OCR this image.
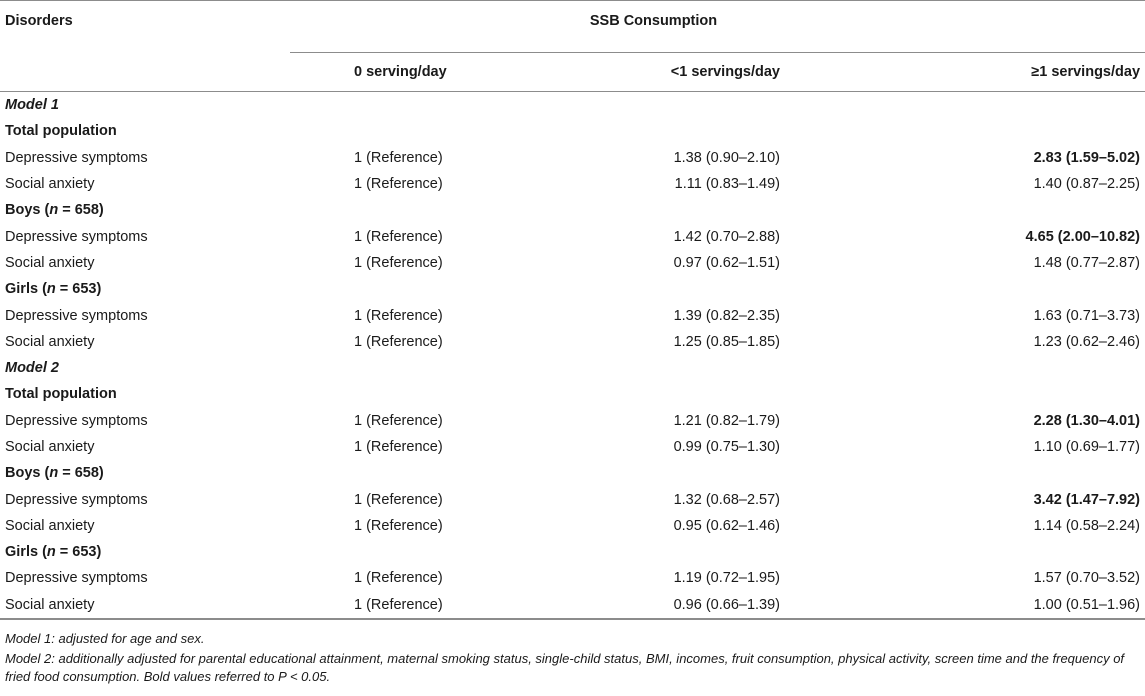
Disorders	SSB Consumption		
	0 serving/day	<1 servings/day	≥1 servings/day
Model 1			
Total population			
Depressive symptoms	1 (Reference)	1.38 (0.90–2.10)	2.83 (1.59–5.02)
Social anxiety	1 (Reference)	1.11 (0.83–1.49)	1.40 (0.87–2.25)
Boys (n = 658)			
Depressive symptoms	1 (Reference)	1.42 (0.70–2.88)	4.65 (2.00–10.82)
Social anxiety	1 (Reference)	0.97 (0.62–1.51)	1.48 (0.77–2.87)
Girls (n = 653)			
Depressive symptoms	1 (Reference)	1.39 (0.82–2.35)	1.63 (0.71–3.73)
Social anxiety	1 (Reference)	1.25 (0.85–1.85)	1.23 (0.62–2.46)
Model 2			
Total population			
Depressive symptoms	1 (Reference)	1.21 (0.82–1.79)	2.28 (1.30–4.01)
Social anxiety	1 (Reference)	0.99 (0.75–1.30)	1.10 (0.69–1.77)
Boys (n = 658)			
Depressive symptoms	1 (Reference)	1.32 (0.68–2.57)	3.42 (1.47–7.92)
Social anxiety	1 (Reference)	0.95 (0.62–1.46)	1.14 (0.58–2.24)
Girls (n = 653)			
Depressive symptoms	1 (Reference)	1.19 (0.72–1.95)	1.57 (0.70–3.52)
Social anxiety	1 (Reference)	0.96 (0.66–1.39)	1.00 (0.51–1.96)
Model 1: adjusted for age and sex.
Model 2: additionally adjusted for parental educational attainment, maternal smoking status, single-child status, BMI, incomes, fruit consumption, physical activity, screen time and the frequency of fried food consumption. Bold values referred to P < 0.05.
